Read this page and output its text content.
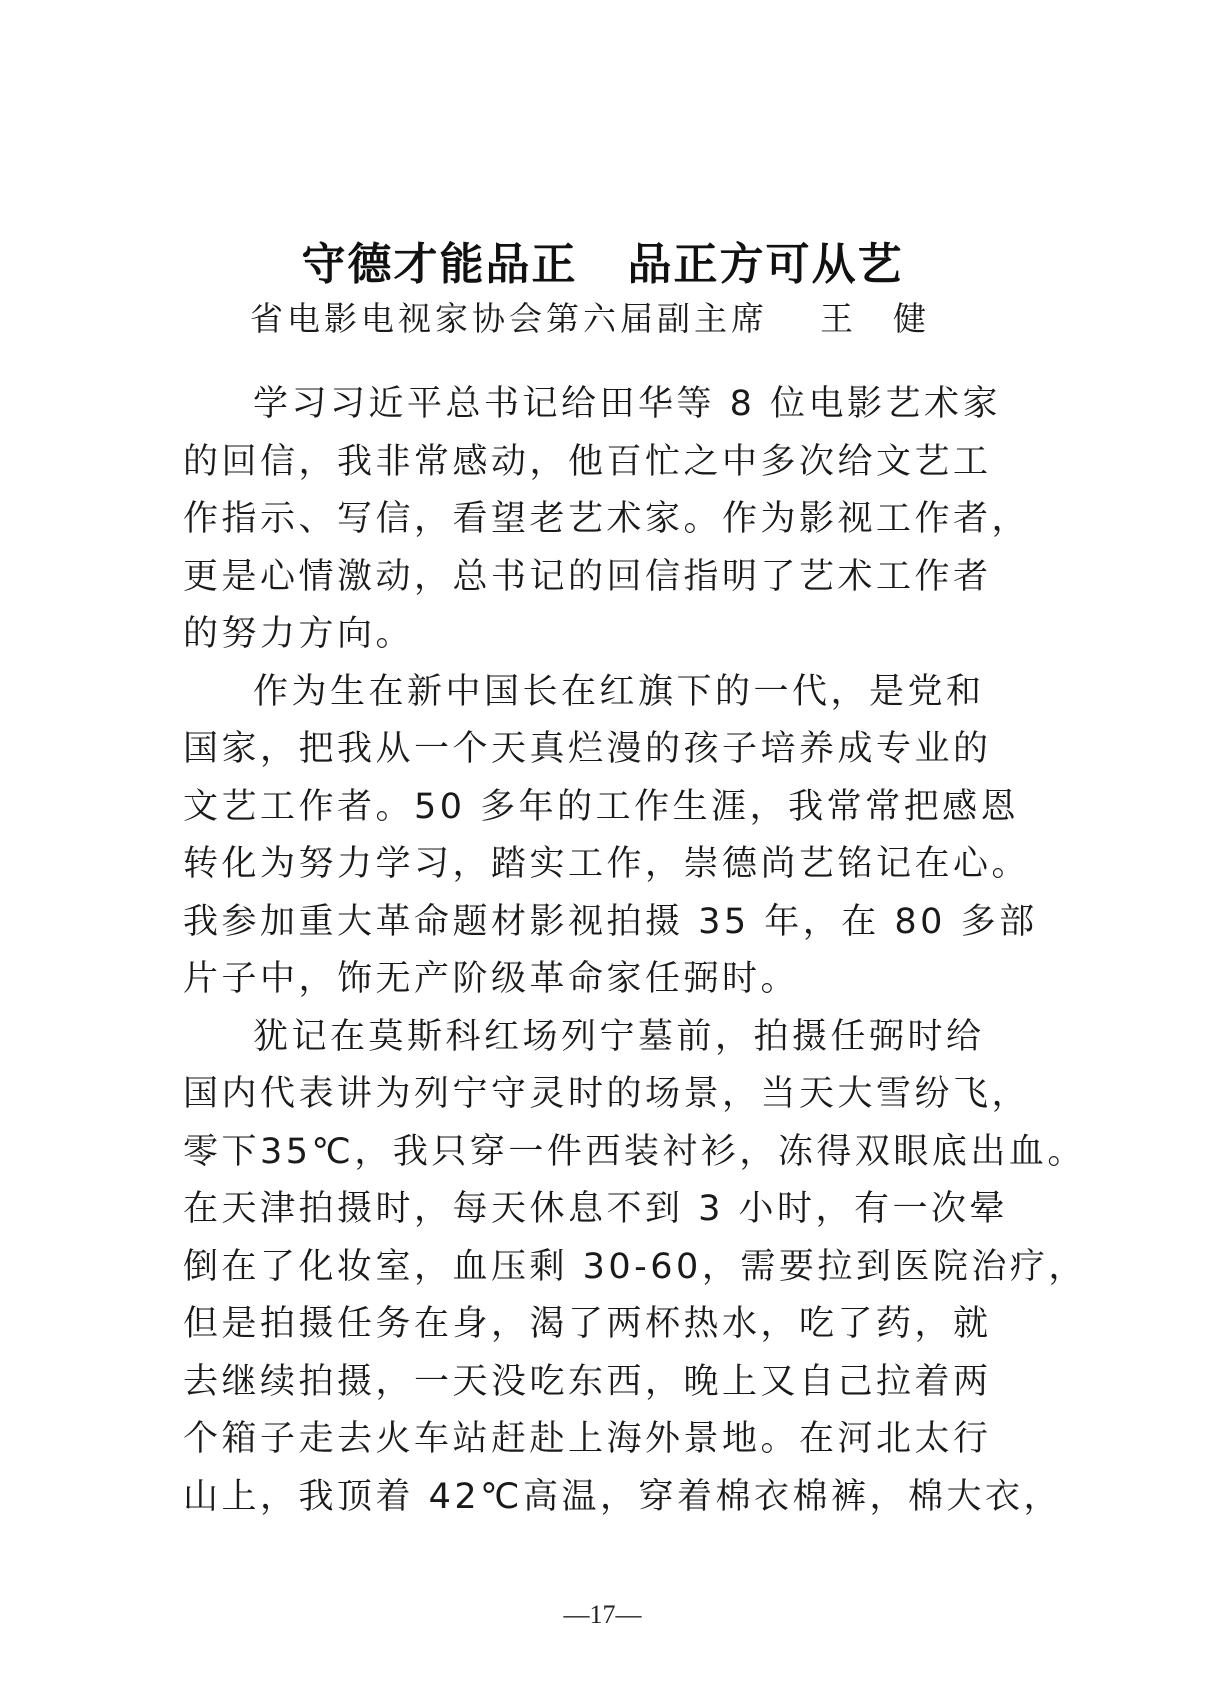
守德才能品正 品正方可从艺
省电影电视家协会第六届副主席 王健

学习习近平总书记给田华等 8 位电影艺术家
的回信，我非常感动，他百忙之中多次给文艺工
作指示、写信，看望老艺术家。作为影视工作者，
更是心情激动，总书记的回信指明了艺术工作者
的努力方向。

作为生在新中国长在红旗下的一代，是党和
国家，把我从一个天真烂漫的孩子培养成专业的
文艺工作者。50 多年的工作生涯，我常常把感恩
转化为努力学习，踏实工作，崇德尚艺铭记在心。
我参加重大革命题材影视拍摄 35 年，在 80 多部
片子中，饰无产阶级革命家任弼时。

犹记在莫斯科红场列宁墓前，拍摄任弼时给
国内代表讲为列宁守灵时的场景，当天大雪纷飞，
零下35℃，我只穿一件西装衬衫，冻得双眼底出血。
在天津拍摄时，每天休息不到 3 小时，有一次晕
倒在了化妆室，血压剩 30-60，需要拉到医院治疗，
但是拍摄任务在身，渴了两杯热水，吃了药，就
去继续拍摄，一天没吃东西，晚上又自己拉着两
个箱子走去火车站赶赴上海外景地。在河北太行
山上，我顶着 42℃高温，穿着棉衣棉裤，棉大衣，

—17—
